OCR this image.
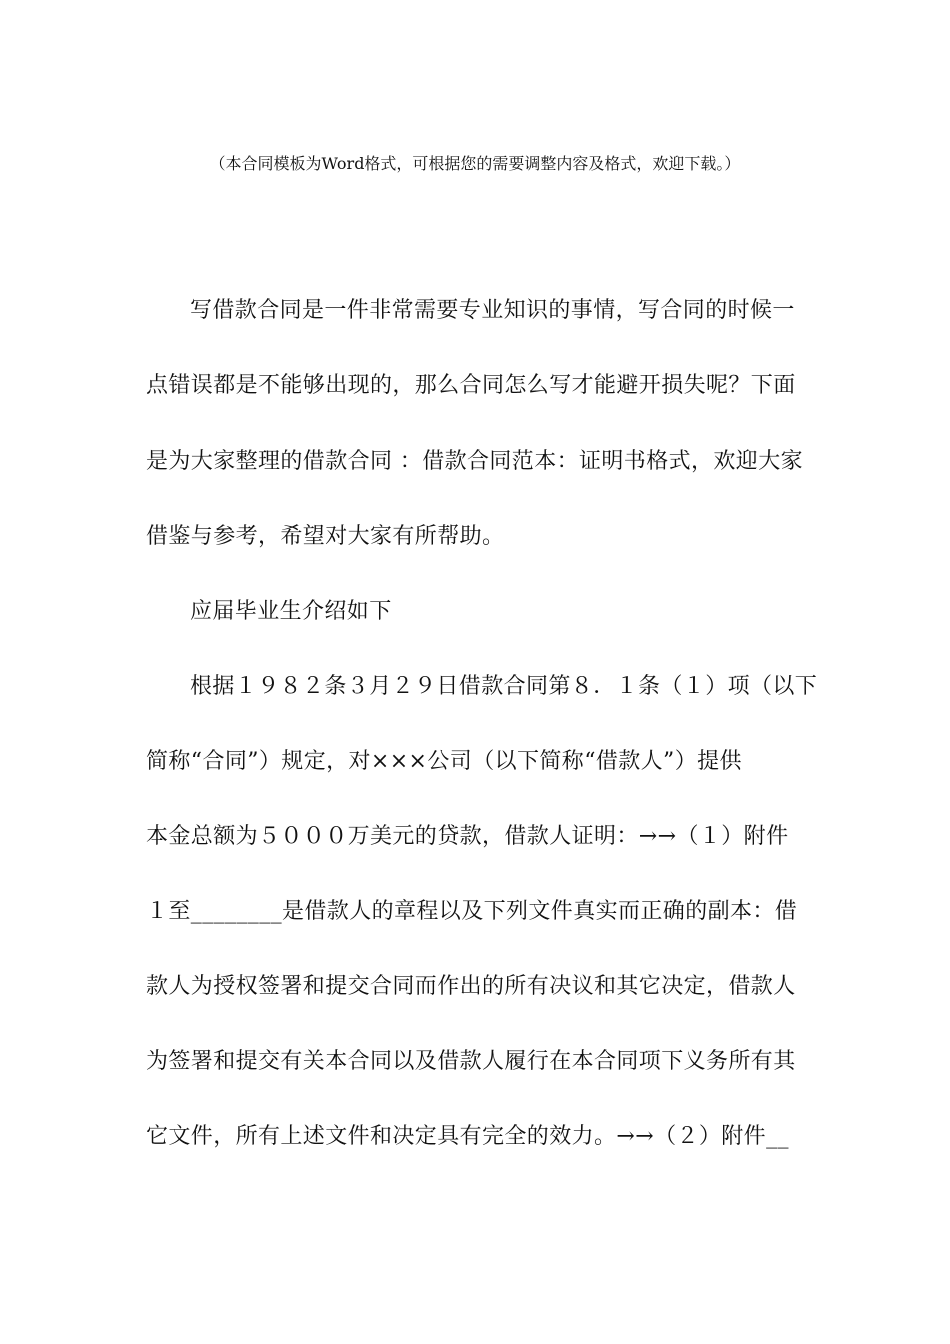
（本合同模板为Word格式，可根据您的需要调整内容及格式，欢迎下载。）
写借款合同是一件非常需要专业知识的事情，写合同的时候一
点错误都是不能够出现的，那么合同怎么写才能避开损失呢？下面
是为大家整理的借款合同 ：借款合同范本：证明书格式，欢迎大家
借鉴与参考，希望对大家有所帮助。
应届毕业生介绍如下
根据１９８２条３月２９日借款合同第８．１条（１）项（以下
简称“合同”）规定，对×××公司（以下简称“借款人”）提供
本金总额为５０００万美元的贷款，借款人证明：→→（１）附件
１至________是借款人的章程以及下列文件真实而正确的副本：借
款人为授权签署和提交合同而作出的所有决议和其它决定，借款人
为签署和提交有关本合同以及借款人履行在本合同项下义务所有其
它文件，所有上述文件和决定具有完全的效力。→→（２）附件__
